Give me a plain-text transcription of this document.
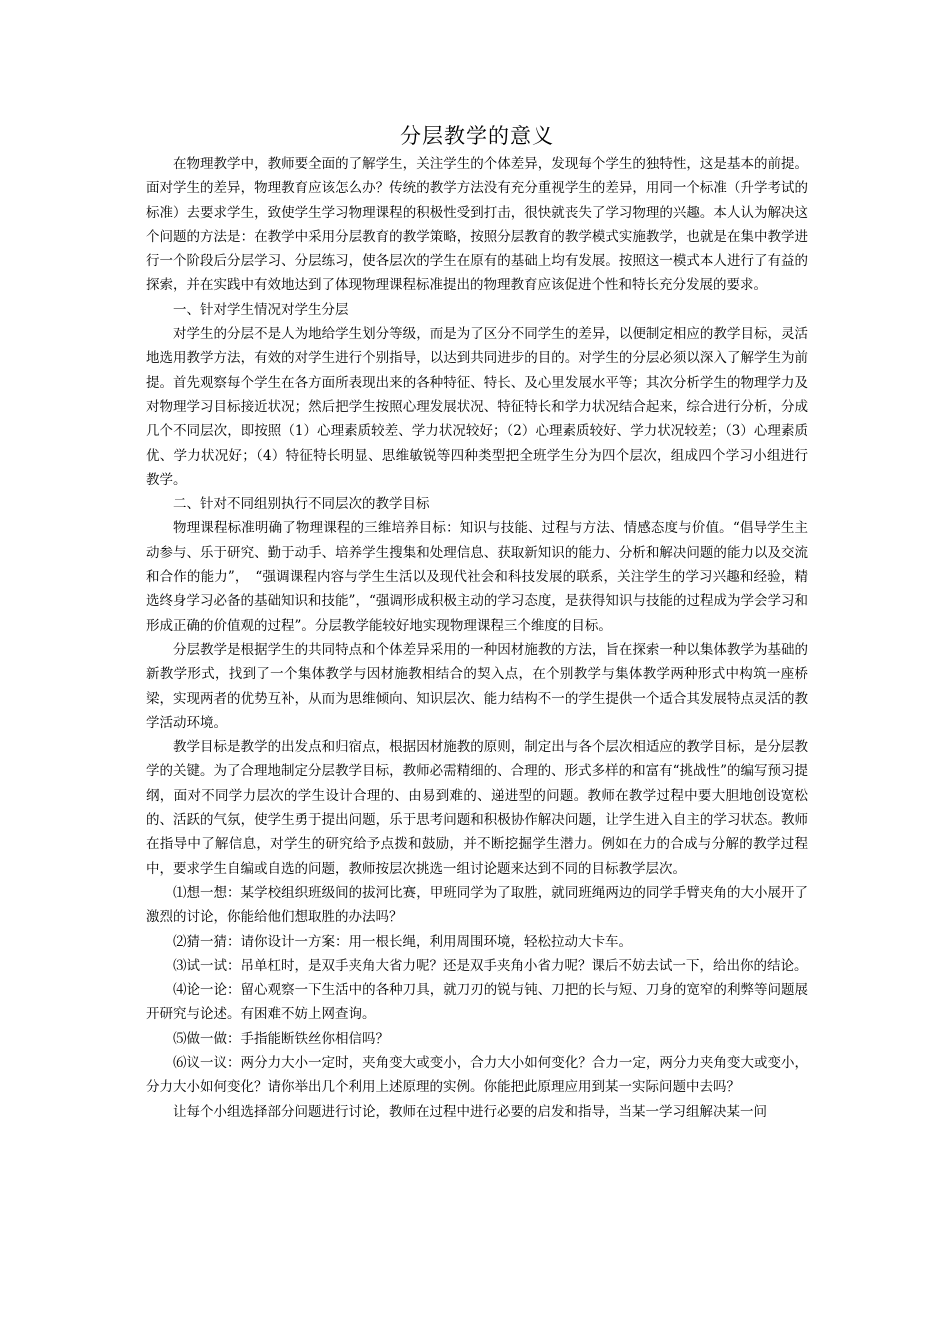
分层教学的意义

在物理教学中，教师要全面的了解学生，关注学生的个体差异，发现每个学生的独特性，这是基本的前提。面对学生的差异，物理教育应该怎么办？传统的教学方法没有充分重视学生的差异，用同一个标准（升学考试的标准）去要求学生，致使学生学习物理课程的积极性受到打击，很快就丧失了学习物理的兴趣。本人认为解决这个问题的方法是：在教学中采用分层教育的教学策略，按照分层教育的教学模式实施教学，也就是在集中教学进行一个阶段后分层学习、分层练习，使各层次的学生在原有的基础上均有发展。按照这一模式本人进行了有益的探索，并在实践中有效地达到了体现物理课程标准提出的物理教育应该促进个性和特长充分发展的要求。

一、针对学生情况对学生分层

对学生的分层不是人为地给学生划分等级，而是为了区分不同学生的差异，以便制定相应的教学目标，灵活地选用教学方法，有效的对学生进行个别指导，以达到共同进步的目的。对学生的分层必须以深入了解学生为前提。首先观察每个学生在各方面所表现出来的各种特征、特长、及心里发展水平等；其次分析学生的物理学力及对物理学习目标接近状况；然后把学生按照心理发展状况、特征特长和学力状况结合起来，综合进行分析，分成几个不同层次，即按照（1）心理素质较差、学力状况较好；（2）心理素质较好、学力状况较差；（3）心理素质优、学力状况好；（4）特征特长明显、思维敏锐等四种类型把全班学生分为四个层次，组成四个学习小组进行教学。

二、针对不同组别执行不同层次的教学目标

物理课程标准明确了物理课程的三维培养目标：知识与技能、过程与方法、情感态度与价值。“倡导学生主动参与、乐于研究、勤于动手、培养学生搜集和处理信息、获取新知识的能力、分析和解决问题的能力以及交流和合作的能力”，　“强调课程内容与学生生活以及现代社会和科技发展的联系，关注学生的学习兴趣和经验，精选终身学习必备的基础知识和技能”，“强调形成积极主动的学习态度，是获得知识与技能的过程成为学会学习和形成正确的价值观的过程”。分层教学能较好地实现物理课程三个维度的目标。

分层教学是根据学生的共同特点和个体差异采用的一种因材施教的方法，旨在探索一种以集体教学为基础的新教学形式，找到了一个集体教学与因材施教相结合的契入点，在个别教学与集体教学两种形式中构筑一座桥梁，实现两者的优势互补，从而为思维倾向、知识层次、能力结构不一的学生提供一个适合其发展特点灵活的教学活动环境。

教学目标是教学的出发点和归宿点，根据因材施教的原则，制定出与各个层次相适应的教学目标，是分层教学的关键。为了合理地制定分层教学目标，教师必需精细的、合理的、形式多样的和富有“挑战性”的编写预习提纲，面对不同学力层次的学生设计合理的、由易到难的、递进型的问题。教师在教学过程中要大胆地创设宽松的、活跃的气氛，使学生勇于提出问题，乐于思考问题和积极协作解决问题，让学生进入自主的学习状态。教师在指导中了解信息，对学生的研究给予点拨和鼓励，并不断挖掘学生潜力。例如在力的合成与分解的教学过程中，要求学生自编或自选的问题，教师按层次挑选一组讨论题来达到不同的目标教学层次。

⑴想一想：某学校组织班级间的拔河比赛，甲班同学为了取胜，就同班绳两边的同学手臂夹角的大小展开了激烈的讨论，你能给他们想取胜的办法吗？

⑵猜一猜：请你设计一方案：用一根长绳，利用周围环境，轻松拉动大卡车。

⑶试一试：吊单杠时，是双手夹角大省力呢？还是双手夹角小省力呢？课后不妨去试一下，给出你的结论。

⑷论一论：留心观察一下生活中的各种刀具，就刀刃的锐与钝、刀把的长与短、刀身的宽窄的利弊等问题展开研究与论述。有困难不妨上网查询。

⑸做一做：手指能断铁丝你相信吗？

⑹议一议：两分力大小一定时，夹角变大或变小，合力大小如何变化？合力一定，两分力夹角变大或变小，分力大小如何变化？请你举出几个利用上述原理的实例。你能把此原理应用到某一实际问题中去吗？

让每个小组选择部分问题进行讨论，教师在过程中进行必要的启发和指导，当某一学习组解决某一问
